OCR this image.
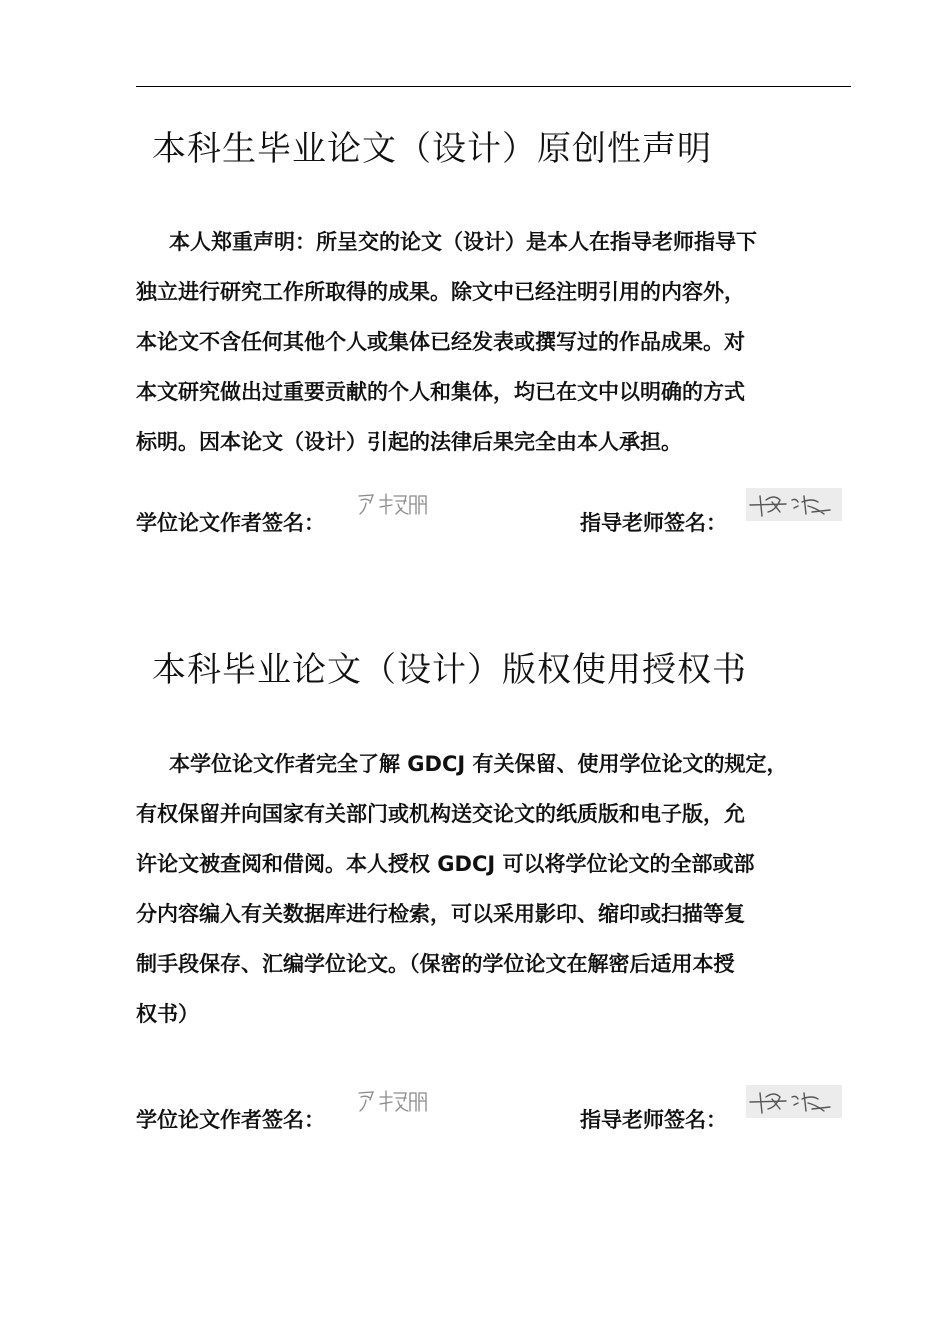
本科生毕业论文（设计）原创性声明
本人郑重声明：所呈交的论文（设计）是本人在指导老师指导下
独立进行研究工作所取得的成果。除文中已经注明引用的内容外，
本论文不含任何其他个人或集体已经发表或撰写过的作品成果。对
本文研究做出过重要贡献的个人和集体，均已在文中以明确的方式
标明。因本论文（设计）引起的法律后果完全由本人承担。
学位论文作者签名：	指导老师签名：
本科毕业论文（设计）版权使用授权书
本学位论文作者完全了解 GDCJ 有关保留、使用学位论文的规定，
有权保留并向国家有关部门或机构送交论文的纸质版和电子版，允
许论文被查阅和借阅。本人授权 GDCJ 可以将学位论文的全部或部
分内容编入有关数据库进行检索，可以采用影印、缩印或扫描等复
制手段保存、汇编学位论文。（保密的学位论文在解密后适用本授
权书）
学位论文作者签名：	指导老师签名：
